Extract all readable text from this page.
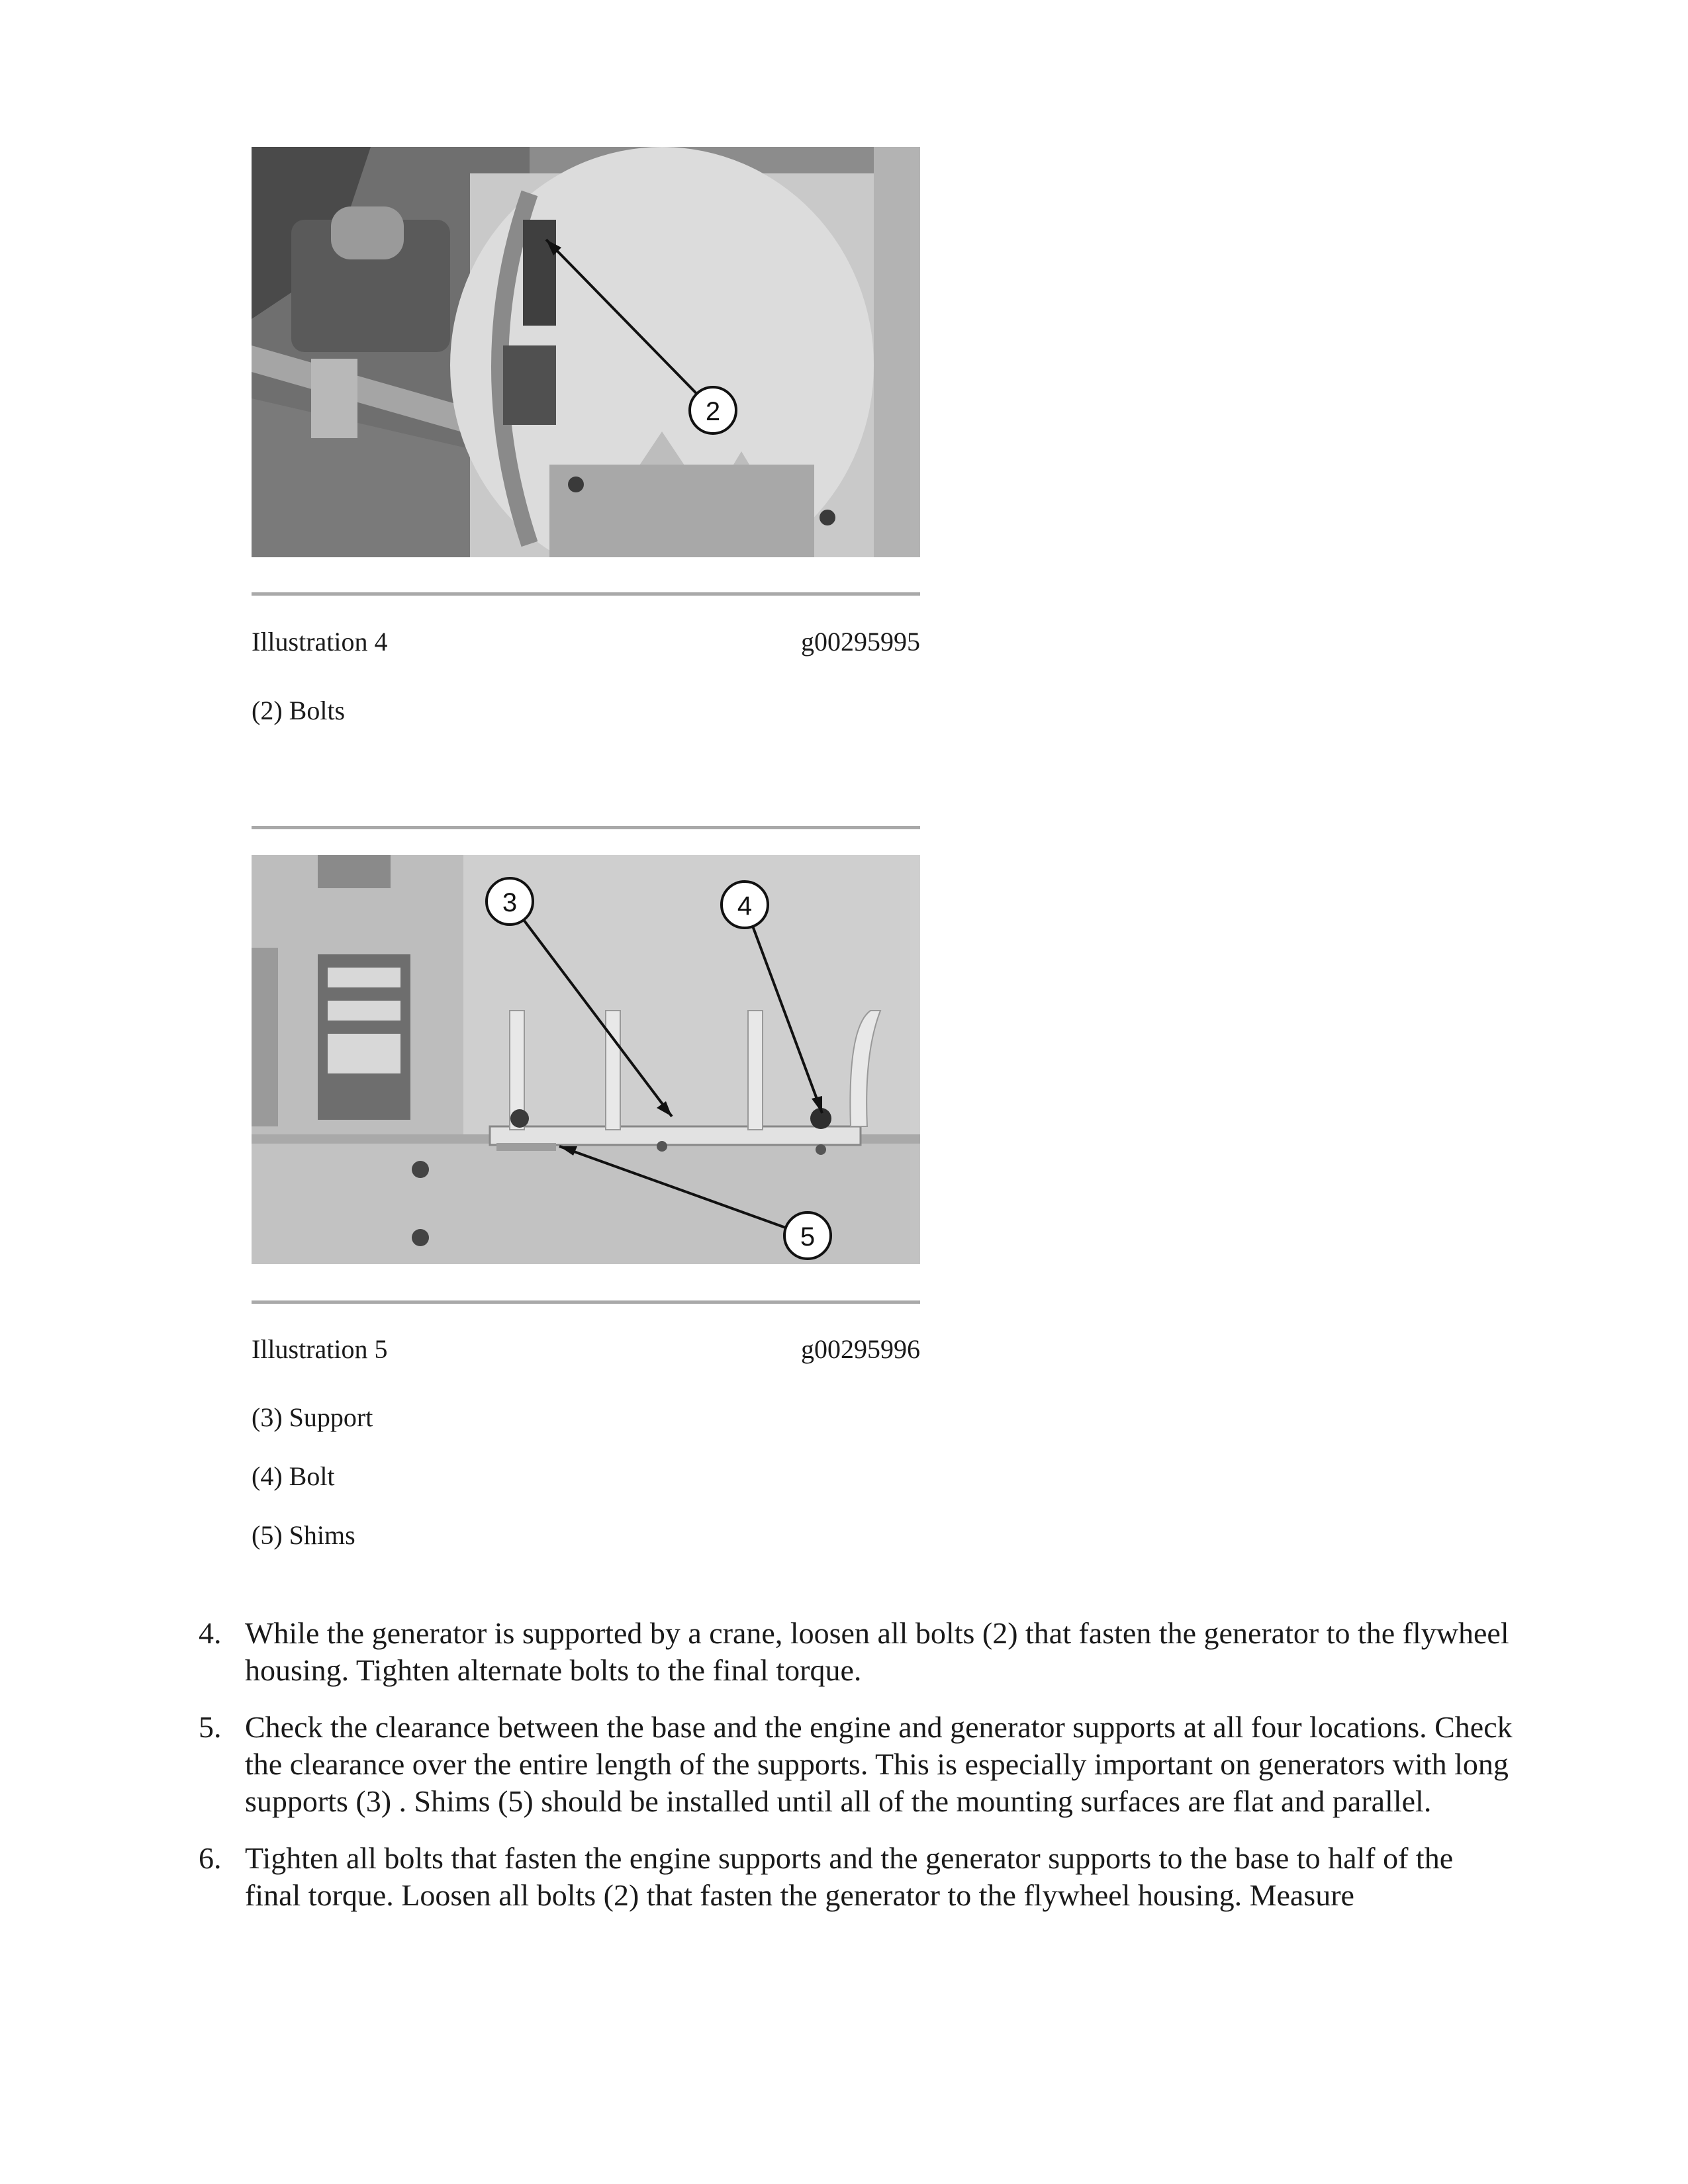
2
Illustration 4	g00295995
(2) Bolts
3	4
5
Illustration 5	g00295996
(3) Support
(4) Bolt
(5) Shims
4. While the generator is supported by a crane, loosen all bolts (2) that fasten the generator to the flywheel housing. Tighten alternate bolts to the final torque.
5. Check the clearance between the base and the engine and generator supports at all four locations. Check the clearance over the entire length of the supports. This is especially important on generators with long supports (3) . Shims (5) should be installed until all of the mounting surfaces are flat and parallel.
6. Tighten all bolts that fasten the engine supports and the generator supports to the base to half of the final torque. Loosen all bolts (2) that fasten the generator to the flywheel housing. Measure
